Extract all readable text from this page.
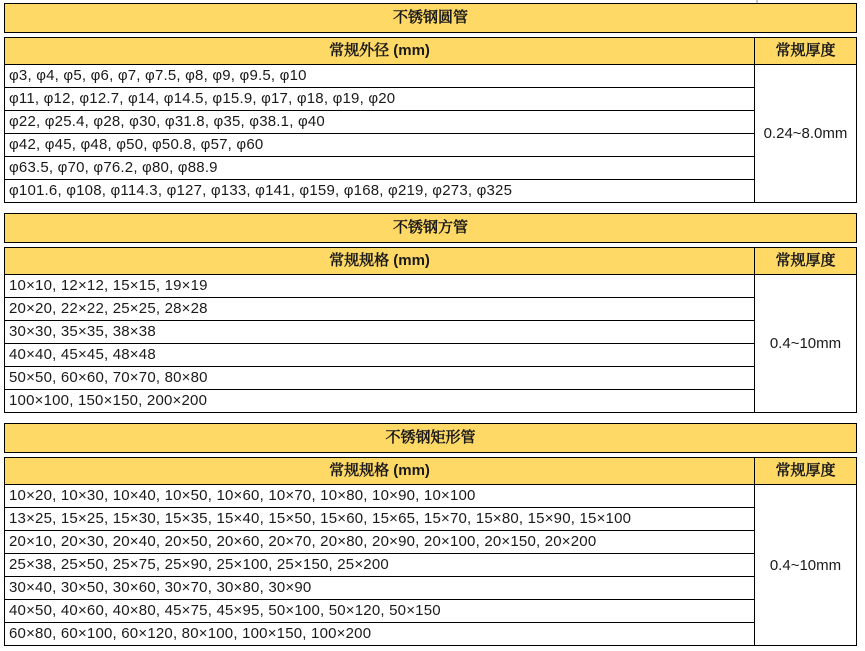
不锈钢圆管
常规外径 (mm)	常规厚度
φ3, φ4, φ5, φ6, φ7, φ7.5, φ8, φ9, φ9.5, φ10
φ11, φ12, φ12.7, φ14, φ14.5, φ15.9, φ17, φ18, φ19, φ20
φ22, φ25.4, φ28, φ30, φ31.8, φ35, φ38.1, φ40
φ42, φ45, φ48, φ50, φ50.8, φ57, φ60
φ63.5, φ70, φ76.2, φ80, φ88.9
φ101.6, φ108, φ114.3, φ127, φ133, φ141, φ159, φ168, φ219, φ273, φ325
0.24~8.0mm
不锈钢方管
常规规格 (mm)	常规厚度
10×10, 12×12, 15×15, 19×19
20×20, 22×22, 25×25, 28×28
30×30, 35×35, 38×38
40×40, 45×45, 48×48
50×50, 60×60, 70×70, 80×80
100×100, 150×150, 200×200
0.4~10mm
不锈钢矩形管
常规规格 (mm)	常规厚度
10×20, 10×30, 10×40, 10×50, 10×60, 10×70, 10×80, 10×90, 10×100
13×25, 15×25, 15×30, 15×35, 15×40, 15×50, 15×60, 15×65, 15×70, 15×80, 15×90, 15×100
20×10, 20×30, 20×40, 20×50, 20×60, 20×70, 20×80, 20×90, 20×100, 20×150, 20×200
25×38, 25×50, 25×75, 25×90, 25×100, 25×150, 25×200
30×40, 30×50, 30×60, 30×70, 30×80, 30×90
40×50, 40×60, 40×80, 45×75, 45×95, 50×100, 50×120, 50×150
60×80, 60×100, 60×120, 80×100, 100×150, 100×200
0.4~10mm
